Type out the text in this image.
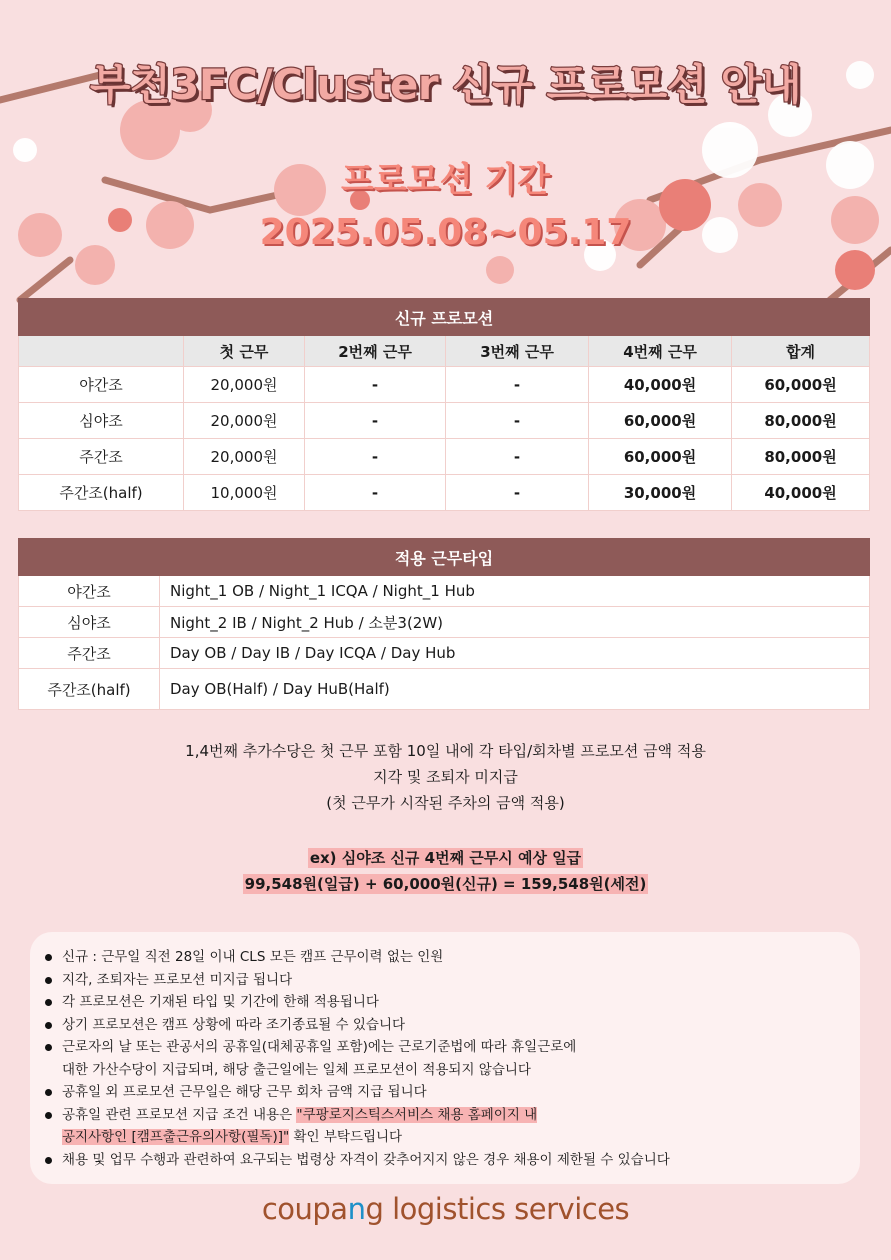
부천3FC/Cluster 신규 프로모션 안내
프로모션 기간
2025.05.08~05.17
신규 프로모션					
	첫 근무	2번째 근무	3번째 근무	4번째 근무	합계
야간조	20,000원	-	-	40,000원	60,000원
심야조	20,000원	-	-	60,000원	80,000원
주간조	20,000원	-	-	60,000원	80,000원
주간조(half)	10,000원	-	-	30,000원	40,000원
적용 근무타입	
야간조	Night_1 OB / Night_1 ICQA / Night_1 Hub
심야조	Night_2 IB / Night_2 Hub / 소분3(2W)
주간조	Day OB / Day IB / Day ICQA / Day Hub
주간조(half)	Day OB(Half) / Day HuB(Half)
1,4번째 추가수당은 첫 근무 포함 10일 내에 각 타입/회차별 프로모션 금액 적용
지각 및 조퇴자 미지급
(첫 근무가 시작된 주차의 금액 적용)
ex) 심야조 신규 4번째 근무시 예상 일급
99,548원(일급) + 60,000원(신규) = 159,548원(세전)
신규 : 근무일 직전 28일 이내 CLS 모든 캠프 근무이력 없는 인원
지각, 조퇴자는 프로모션 미지급 됩니다
각 프로모션은 기재된 타입 및 기간에 한해 적용됩니다
상기 프로모션은 캠프 상황에 따라 조기종료될 수 있습니다
근로자의 날 또는 관공서의 공휴일(대체공휴일 포함)에는 근로기준법에 따라 휴일근로에
대한 가산수당이 지급되며, 해당 출근일에는 일체 프로모션이 적용되지 않습니다
공휴일 외 프로모션 근무일은 해당 근무 회차 금액 지급 됩니다
공휴일 관련 프로모션 지급 조건 내용은 "쿠팡로지스틱스서비스 채용 홈페이지 내
공지사항인 [캠프출근유의사항(필독)]" 확인 부탁드립니다
채용 및 업무 수행과 관련하여 요구되는 법령상 자격이 갖추어지지 않은 경우 채용이 제한될 수 있습니다
coupang logistics services
